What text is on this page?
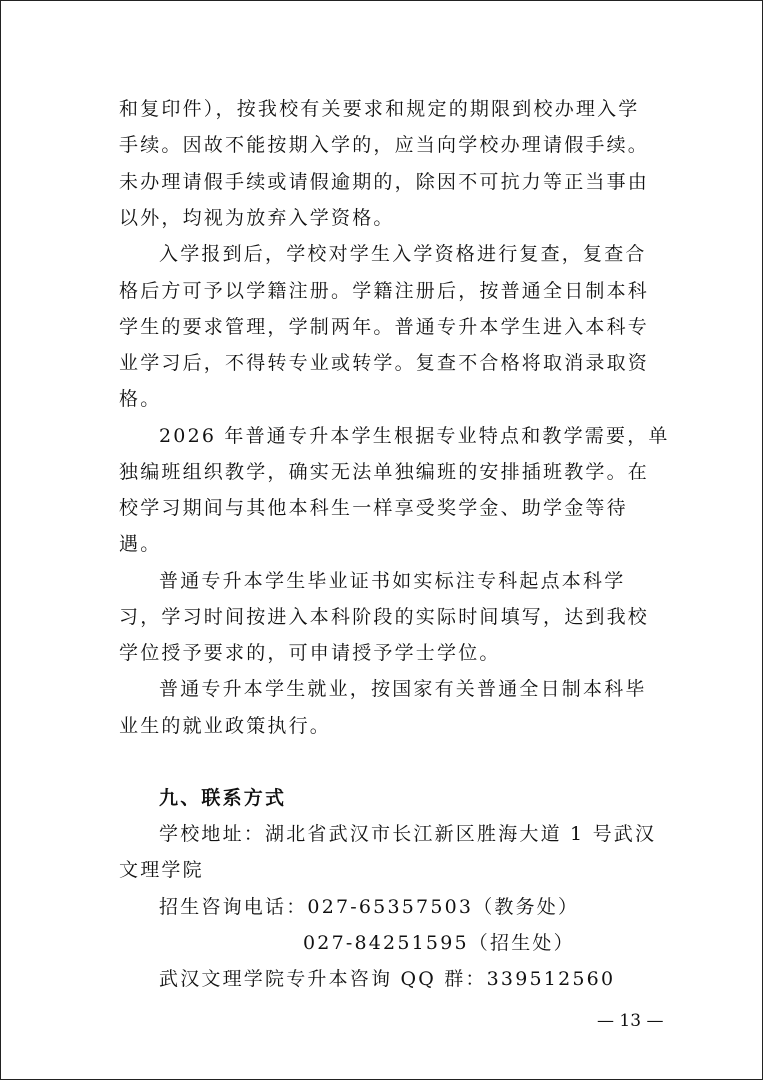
和复印件），按我校有关要求和规定的期限到校办理入学
手续。因故不能按期入学的，应当向学校办理请假手续。
未办理请假手续或请假逾期的，除因不可抗力等正当事由
以外，均视为放弃入学资格。
入学报到后，学校对学生入学资格进行复查，复查合
格后方可予以学籍注册。学籍注册后，按普通全日制本科
学生的要求管理，学制两年。普通专升本学生进入本科专
业学习后，不得转专业或转学。复查不合格将取消录取资
格。
2026 年普通专升本学生根据专业特点和教学需要，单
独编班组织教学，确实无法单独编班的安排插班教学。在
校学习期间与其他本科生一样享受奖学金、助学金等待
遇。
普通专升本学生毕业证书如实标注专科起点本科学
习，学习时间按进入本科阶段的实际时间填写，达到我校
学位授予要求的，可申请授予学士学位。
普通专升本学生就业，按国家有关普通全日制本科毕
业生的就业政策执行。
九、联系方式
学校地址：湖北省武汉市长江新区胜海大道 1 号武汉
文理学院
招生咨询电话：027-65357503（教务处）
027-84251595（招生处）
武汉文理学院专升本咨询 QQ 群：339512560
— 13 —
